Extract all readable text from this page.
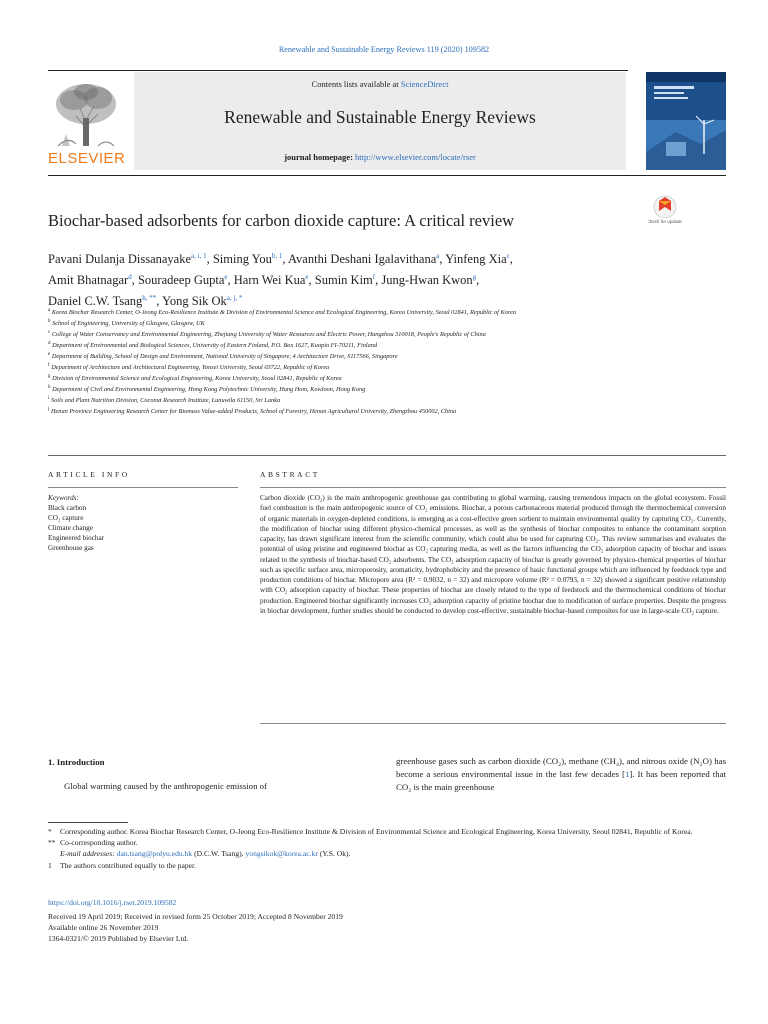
Renewable and Sustainable Energy Reviews 119 (2020) 109582
ELSEVIER
Contents lists available at ScienceDirect
Renewable and Sustainable Energy Reviews
journal homepage: http://www.elsevier.com/locate/rser
Biochar-based adsorbents for carbon dioxide capture: A critical review	Check for updates
Pavani Dulanja Dissanayake$^{a, i, 1}$, Siming You$^{b, 1}$, Avanthi Deshani Igalavithana$^a$, Yinfeng Xia$^c$,
Amit Bhatnagar$^d$, Souradeep Gupta$^e$, Harn Wei Kua$^e$, Sumin Kim$^f$, Jung-Hwan Kwon$^g$,
Daniel C.W. Tsang$^{h, **}$, Yong Sik $Ok^{a, j, *}$
$^a$ Korea Biochar Research Center, O-Jeong Eco-Resilience Institute & Division of Environmental Science and Ecological Engineering, Korea University, Seoul 02841, Republic of Korea
$^b$ School of Engineering, University of Glasgow, Glasgow, UK
$^c$ College of Water Conservancy and Environmental Engineering, Zhejiang University of Water Resources and Electric Power, Hangzhou 310018, People's Republic of China
$^d$ Department of Environmental and Biological Sciences, University of Eastern Finland, P.O. Box 1627, Kuopio FI-70211, Finland
$^e$ Department of Building, School of Design and Environment, National University of Singapore, 4 Architecture Drive, S117566, Singapore
$^f$ Department of Architecture and Architectural Engineering, Yonsei University, Seoul 03722, Republic of Korea
$^g$ Division of Environmental Science and Ecological Engineering, Korea University, Seoul 02841, Republic of Korea
$^h$ Department of Civil and Environmental Engineering, Hong Kong Polytechnic University, Hung Hom, Kowloon, Hong Kong
$^i$ Soils and Plant Nutrition Division, Coconut Research Institute, Lunuwila 61150, Sri Lanka
$^j$ Henan Province Engineering Research Center for Biomass Value-added Products, School of Forestry, Henan Agricultural University, Zhengzhou 450002, China
ARTICLE INFO	ABSTRACT
Keywords:
Black carbon
CO₂ capture
Climate change
Engineered biochar
Greenhouse gas
Carbon dioxide (CO₂) is the main anthropogenic greenhouse gas contributing to global warming, causing tremendous impacts on the global ecosystem. Fossil fuel combustion is the main anthropogenic source of CO₂ emissions. Biochar, a porous carbonaceous material produced through the thermochemical conversion of organic materials in oxygen-depleted conditions, is emerging as a cost-effective green sorbent to maintain environmental quality by capturing CO₂. Currently, the modification of biochar using different physico-chemical processes, as well as the synthesis of biochar composites to enhance the contaminant sorption capacity, has drawn significant interest from the scientific community, which could also be used for capturing CO₂. This review summarises and evaluates the potential of using pristine and engineered biochar as CO₂ capturing media, as well as the factors influencing the CO₂ adsorption capacity of biochar and issues related to the synthesis of biochar-based CO₂ adsorbents. The CO₂ adsorption capacity of biochar is greatly governed by physico-chemical properties of biochar such as specific surface area, microporosity, aromaticity, hydrophobicity and the presence of basic functional groups which are influenced by feedstock type and production conditions of biochar. Micropore area (R² = 0.9032, n = 32) and micropore volume (R² = 0.0793, n = 32) showed a significant positive relationship with CO₂ adsorption capacity of biochar. These properties of biochar are closely related to the type of feedstock and the thermochemical conditions of biochar production. Engineered biochar significantly increases CO₂ adsorption capacity of pristine biochar due to modification of surface properties. Despite the progress in biochar development, further studies should be conducted to develop cost-effective, sustainable biochar-based composites for use in large-scale CO₂ capture.
1. Introduction
Global warming caused by the anthropogenic emission of
greenhouse gases such as carbon dioxide (CO₂), methane (CH₄), and nitrous oxide (N₂O) has become a serious environmental issue in the last few decades [1]. It has been reported that CO₂ is the main greenhouse
* Corresponding author. Korea Biochar Research Center, O-Jeong Eco-Resilience Institute & Division of Environmental Science and Ecological Engineering, Korea University, Seoul 02841, Republic of Korea.
** Co-corresponding author.
E-mail addresses: dan.tsang@polyu.edu.hk (D.C.W. Tsang), yongsikok@korea.ac.kr (Y.S. Ok).
1 The authors contributed equally to the paper.
https://doi.org/10.1016/j.rser.2019.109582
Received 19 April 2019; Received in revised form 25 October 2019; Accepted 8 November 2019
Available online 26 November 2019
1364-0321/© 2019 Published by Elsevier Ltd.
